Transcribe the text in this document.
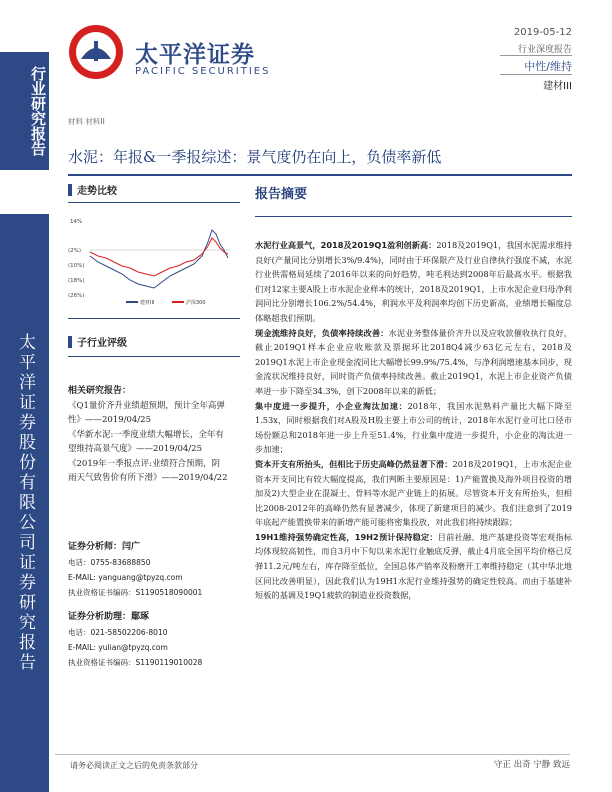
行业研究报告
太平洋证券股份有限公司证券研究报告
太平洋证券
PACIFIC SECURITIES
2019-05-12
行业深度报告
中性/维持
建材III
材料 材料II
水泥：年报&一季报综述：景气度仍在向上，负债率新低
走势比较
14%
(2%)
(10%)
(18%)
(26%)
建材III	沪深300
子行业评级
相关研究报告：
《Q1量价齐升业绩超预期，预计全年高弹性》——2019/04/25
《华新水泥:一季度业绩大幅增长，全年有望维持高景气度》——2019/04/25
《2019年一季报点评:业绩符合预期，阴雨天气致售价有所下滑》——2019/04/22
证券分析师：闫广
电话：0755-83688850
E-MAIL: yanguang@tpyzq.com
执业资格证书编码：S1190518090001
证券分析助理：鄢琢
电话：021-58502206-8010
E-MAIL: yulian@tpyzq.com
执业资格证书编码：S1190119010028
报告摘要

水泥行业高景气，2018及2019Q1盈利创新高：2018及2019Q1，我国水泥需求维持良好(产量同比分别增长3%/9.4%)，同时由于环保限产及行业自律执行强度不减，水泥行业供需格局延续了2016年以来的向好趋势，吨毛利达到2008年后最高水平。根据我们对12家主要A股上市水泥企业样本的统计，2018及2019Q1，上市水泥企业归母净利润同比分别增长106.2%/54.4%，利润水平及利润率均创下历史新高，业绩增长幅度总体略超我们预期。

现金流维持良好，负债率持续改善：水泥业务整体量价齐升以及应收款催收执行良好，截止2019Q1样本企业应收账款及票据环比2018Q4减少63亿元左右，2018及2019Q1水泥上市企业现金流同比大幅增长99.9%/75.4%，与净利润增速基本同步，现金流状况维持良好，同时资产负债率持续改善。截止2019Q1，水泥上市企业资产负债率进一步下降至34.3%，创下2008年以来的新低；

集中度进一步提升，小企业淘汰加速：2018年，我国水泥熟料产量比大幅下降至1.53x，同时根据我们对A股及H股主要上市公司的统计，2018年水泥行业可比口径市场份额总和2018年进一步上升至51.4%，行业集中度进一步提升，小企业的淘汰进一步加速；

资本开支有所抬头，但相比于历史高峰仍然显著下滑：2018及2019Q1，上市水泥企业资本开支同比有较大幅度提高，我们判断主要原因是：1)产能置换及海外项目投资的增加及2)大型企业在混凝土、骨料等水泥产业链上的拓展。尽管资本开支有所抬头，但相比2008-2012年的高峰仍然有显著减少，体现了新建项目的减少。我们注意到了2019年底起产能置换带来的新增产能可能将密集投放，对此我们将持续跟踪；

19H1维持强势确定性高，19H2预计保持稳定：目前社融、地产基建投资等宏观指标均体现较高韧性，而自3月中下旬以来水泥行业触底反弹，截止4月底全国平均价格已反弹11.2元/吨左右，库存降至低位，全国总体产销率及粉磨开工率维持稳定（其中华北地区同比改善明显），因此我们认为19H1水泥行业维持强势的确定性较高。而由于基建补短板的基调及19Q1疲软的制造业投资数据，

请务必阅读正文之后的免责条款部分	守正 出奇 宁静 致远
